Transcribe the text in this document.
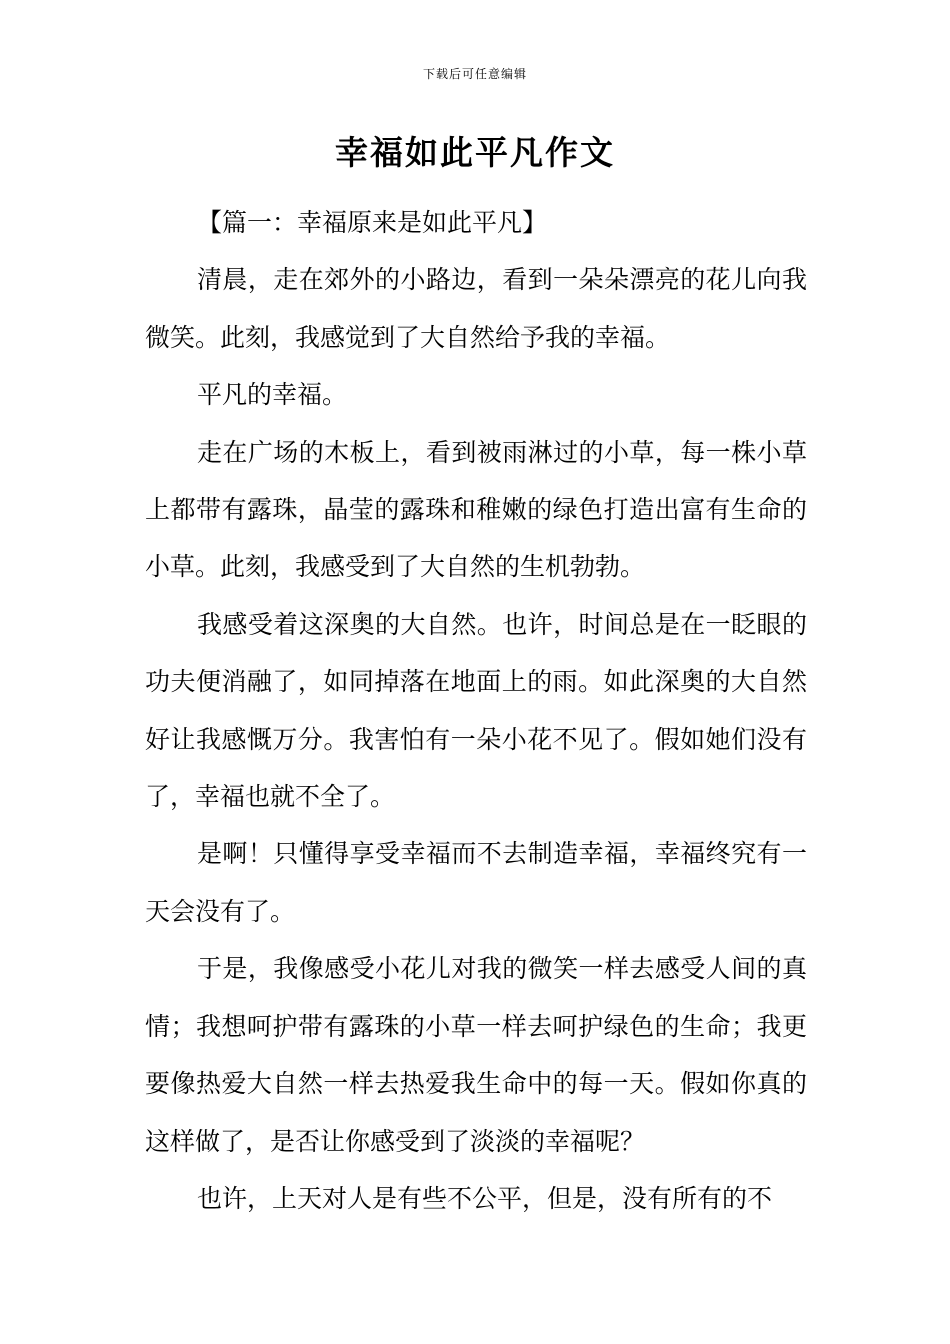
下载后可任意编辑
幸福如此平凡作文

【篇一：幸福原来是如此平凡】

清晨，走在郊外的小路边，看到一朵朵漂亮的花儿向我微笑。此刻，我感觉到了大自然给予我的幸福。

平凡的幸福。

走在广场的木板上，看到被雨淋过的小草，每一株小草上都带有露珠，晶莹的露珠和稚嫩的绿色打造出富有生命的小草。此刻，我感受到了大自然的生机勃勃。

我感受着这深奥的大自然。也许，时间总是在一眨眼的功夫便消融了，如同掉落在地面上的雨。如此深奥的大自然好让我感慨万分。我害怕有一朵小花不见了。假如她们没有了，幸福也就不全了。

是啊！只懂得享受幸福而不去制造幸福，幸福终究有一天会没有了。

于是，我像感受小花儿对我的微笑一样去感受人间的真情；我想呵护带有露珠的小草一样去呵护绿色的生命；我更要像热爱大自然一样去热爱我生命中的每一天。假如你真的这样做了，是否让你感受到了淡淡的幸福呢？

也许，上天对人是有些不公平，但是，没有所有的不
